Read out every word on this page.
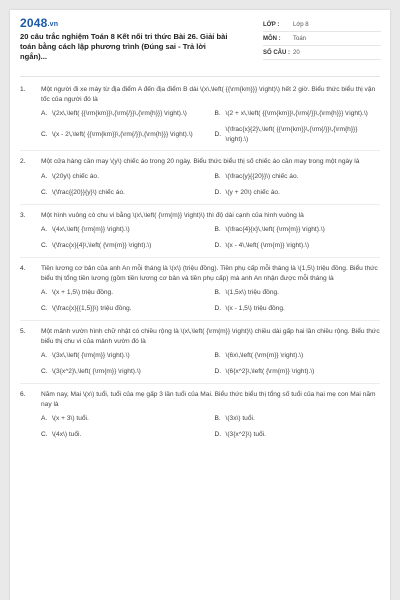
2048.vn
20 câu trắc nghiệm Toán 8 Kết nối tri thức Bài 26. Giải bài toán bằng cách lập phương trình (Đúng sai - Trả lời ngắn)...
LỚP :	Lớp 8
MÔN :	Toán
SỐ CÂU : 20
1.	Một người đi xe máy từ địa điểm A đến địa điểm B dài \(x\,\left( {{\rm{km}}} \right)\) hết 2 giờ. Biểu thức biểu thị vận tốc của người đó là
A. \(2x\,\left( {{\rm{km}}\,{\rm{/}}\,{\rm{h}}} \right).\)	B. \(2 + x\,\left( {{\rm{km}}\,{\rm{/}}\,{\rm{h}}} \right).\)
C. \(x - 2\,\left( {{\rm{km}}\,{\rm{/}}\,{\rm{h}}} \right).\)	D.
\(\frac{x}{2}\,\left( {{\rm{km}}\,{\rm{/}}\,{\rm{h}}} \right).\)
2.	Một cửa hàng cần may \(y\) chiếc áo trong 20 ngày. Biểu thức biểu thị số chiếc áo cần may trong một ngày là
A. \(20y\) chiếc áo.	B. \(\frac{y}{{20}}\) chiếc áo.
C. \(\frac{{20}}{y}\) chiếc áo.	D. \(y + 20\) chiếc áo.
3.	Một hình vuông có chu vi bằng \(x\,\left( {\rm{m}} \right)\) thì độ dài cạnh của hình vuông là
A. \(4x\,\left( {\rm{m}} \right).\)	B. \(\frac{4}{x}\,\left( {\rm{m}} \right).\)
C. \(\frac{x}{4}\,\left( {\rm{m}} \right).\)	D. \(x - 4\,\left( {\rm{m}} \right).\)
4.	Tiền lương cơ bản của anh An mỗi tháng là \(x\) (triệu đồng). Tiền phụ cấp mỗi tháng là \(1,5\) triệu đồng. Biểu thức biểu thị tổng tiền lương (gồm tiền lương cơ bản và tiền phụ cấp) mà anh An nhận được mỗi tháng là
A. \(x + 1,5\) triệu đồng.	B. \(1,5x\) triệu đồng.
C. \(\frac{x}{{1,5}}\) triệu đồng.	D. \(x - 1,5\) triệu đồng.
5.	Một mảnh vườn hình chữ nhật có chiều rộng là \(x\,\left( {\rm{m}} \right)\) chiều dài gấp hai lần chiều rộng. Biểu thức biểu thị chu vi của mảnh vườn đó là
A. \(3x\,\left( {\rm{m}} \right).\)	B. \(6x\,\left( {\rm{m}} \right).\)
C. \(3{x^2}\,\left( {\rm{m}} \right).\)	D. \(6{x^2}\,\left( {\rm{m}} \right).\)
6.	Năm nay, Mai \(x\) tuổi, tuổi của mẹ gấp 3 lần tuổi của Mai. Biểu thức biểu thị tổng số tuổi của hai mẹ con Mai năm nay là
A. \(x + 3\) tuổi.	B. \(3x\) tuổi.
C. \(4x\) tuổi.	D. \(3{x^2}\) tuổi.
